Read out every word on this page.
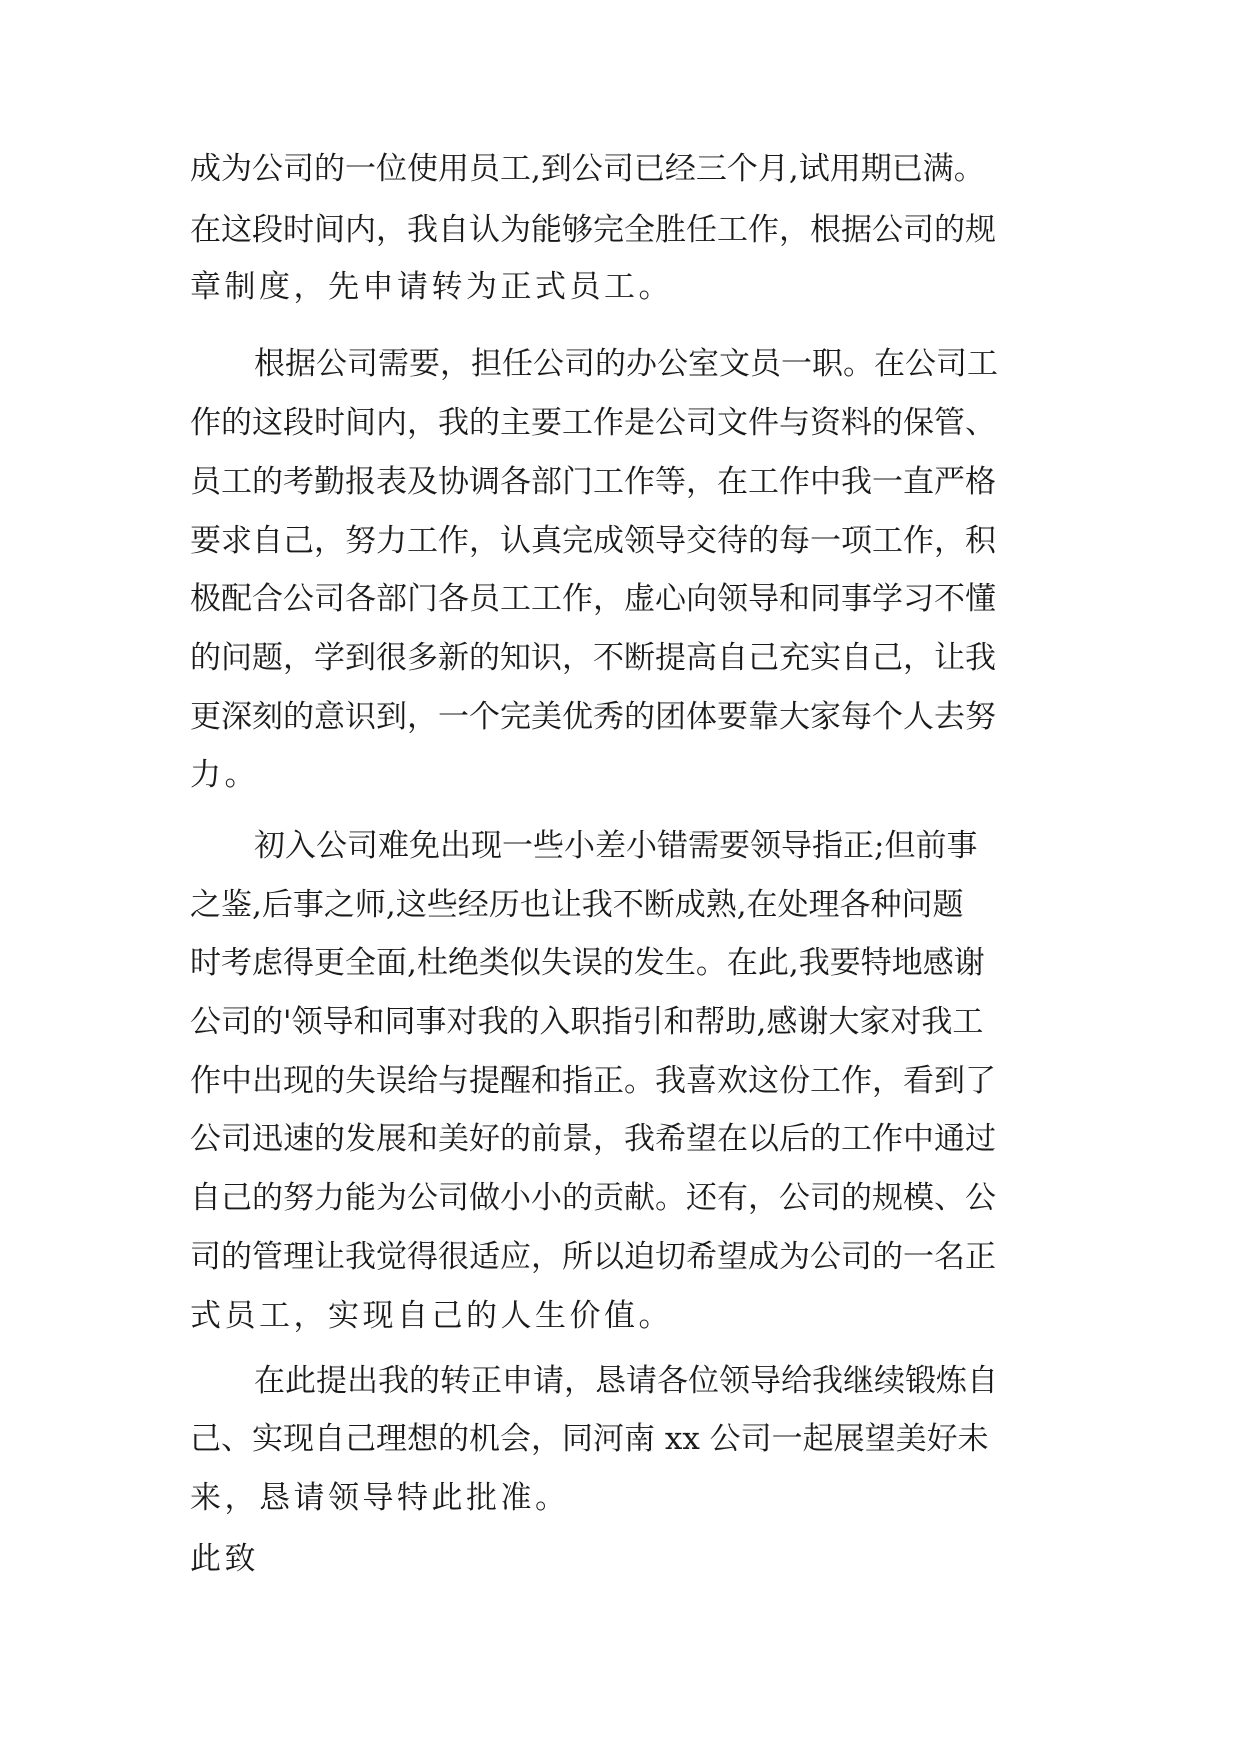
成为公司的一位使用员工,到公司已经三个月,试用期已满。
在这段时间内，我自认为能够完全胜任工作，根据公司的规
章制度，先申请转为正式员工。
根据公司需要，担任公司的办公室文员一职。在公司工
作的这段时间内，我的主要工作是公司文件与资料的保管、
员工的考勤报表及协调各部门工作等，在工作中我一直严格
要求自己，努力工作，认真完成领导交待的每一项工作，积
极配合公司各部门各员工工作，虚心向领导和同事学习不懂
的问题，学到很多新的知识，不断提高自己充实自己，让我
更深刻的意识到，一个完美优秀的团体要靠大家每个人去努
力。
初入公司难免出现一些小差小错需要领导指正;但前事
之鉴,后事之师,这些经历也让我不断成熟,在处理各种问题
时考虑得更全面,杜绝类似失误的发生。在此,我要特地感谢
公司的'领导和同事对我的入职指引和帮助,感谢大家对我工
作中出现的失误给与提醒和指正。我喜欢这份工作，看到了
公司迅速的发展和美好的前景，我希望在以后的工作中通过
自己的努力能为公司做小小的贡献。还有，公司的规模、公
司的管理让我觉得很适应，所以迫切希望成为公司的一名正
式员工，实现自己的人生价值。
在此提出我的转正申请，恳请各位领导给我继续锻炼自
己、实现自己理想的机会，同河南 xx 公司一起展望美好未
来，恳请领导特此批准。
此致
